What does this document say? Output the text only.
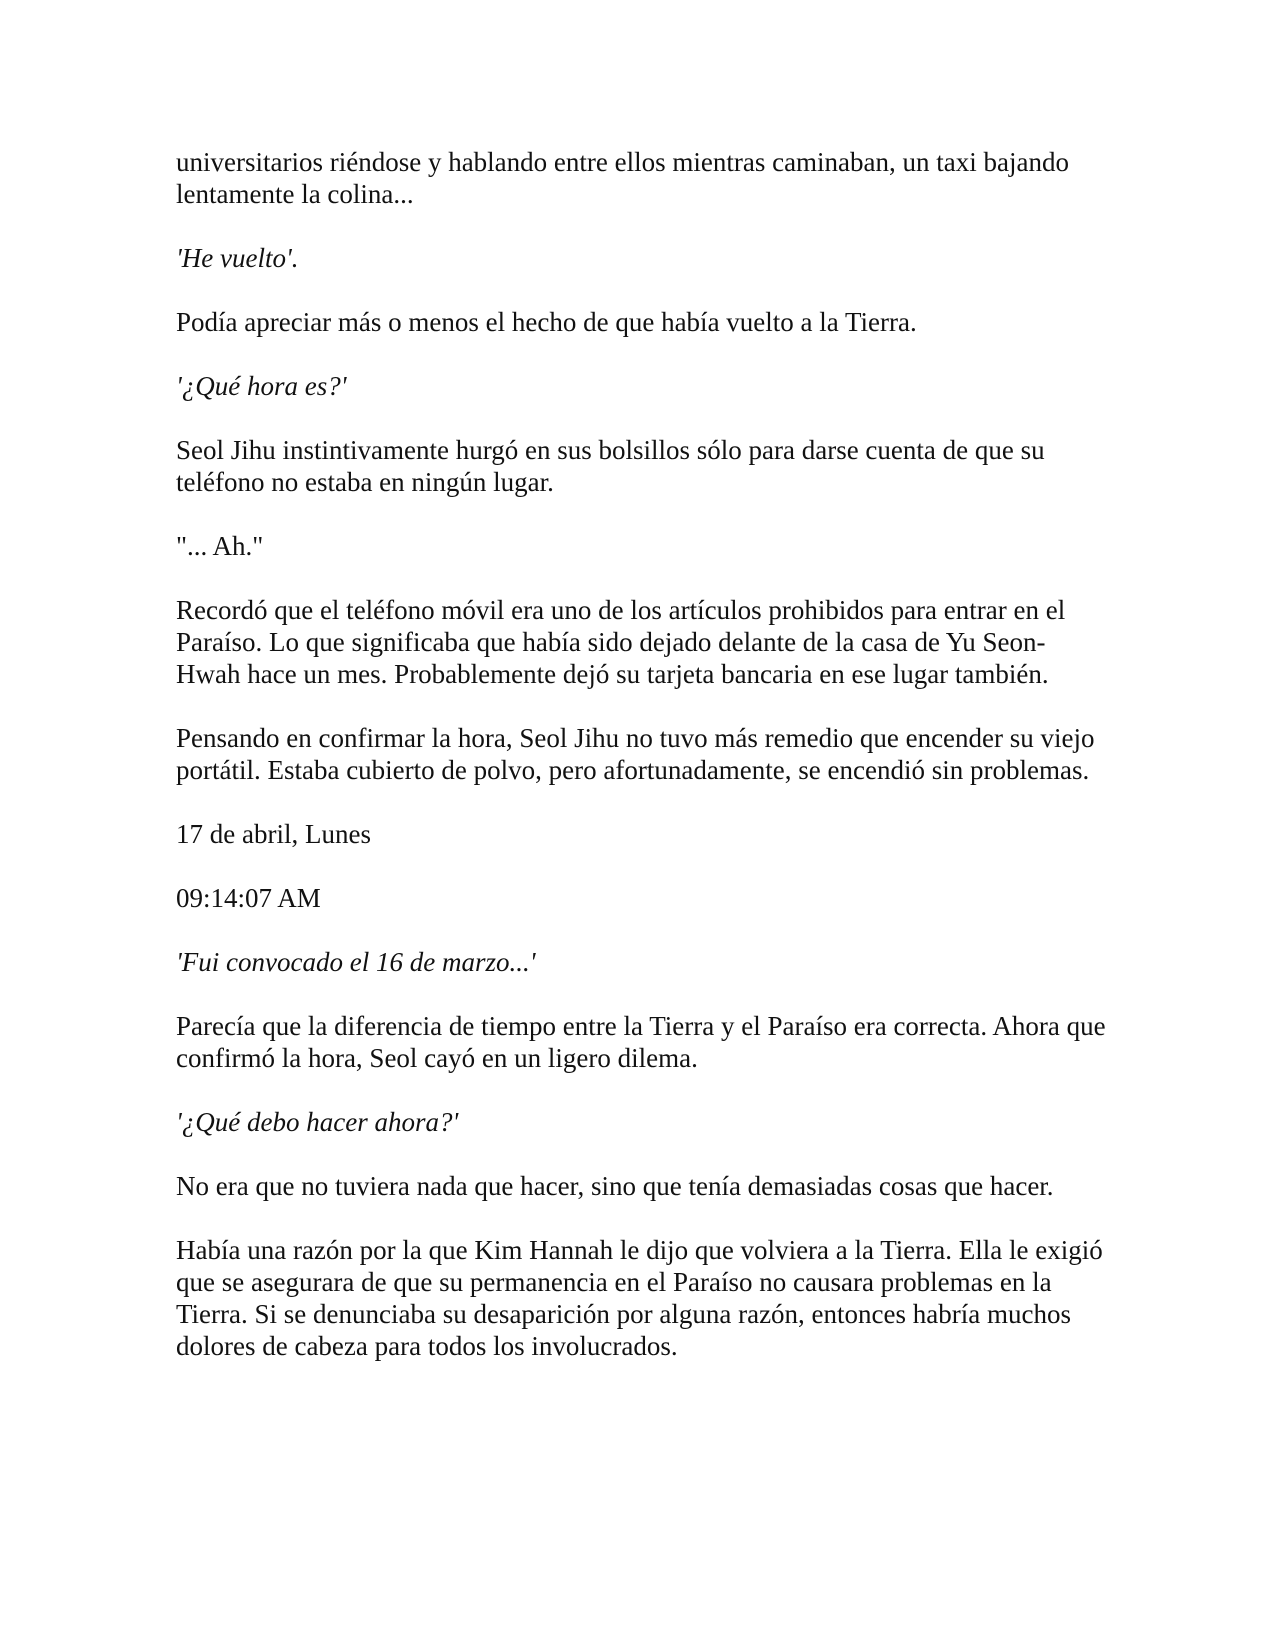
universitarios riéndose y hablando entre ellos mientras caminaban, un taxi bajando lentamente la colina...

'He vuelto'.

Podía apreciar más o menos el hecho de que había vuelto a la Tierra.

'¿Qué hora es?'

Seol Jihu instintivamente hurgó en sus bolsillos sólo para darse cuenta de que su teléfono no estaba en ningún lugar.

"... Ah."

Recordó que el teléfono móvil era uno de los artículos prohibidos para entrar en el Paraíso. Lo que significaba que había sido dejado delante de la casa de Yu Seon-Hwah hace un mes. Probablemente dejó su tarjeta bancaria en ese lugar también.

Pensando en confirmar la hora, Seol Jihu no tuvo más remedio que encender su viejo portátil. Estaba cubierto de polvo, pero afortunadamente, se encendió sin problemas.

17 de abril, Lunes

09:14:07 AM

'Fui convocado el 16 de marzo...'

Parecía que la diferencia de tiempo entre la Tierra y el Paraíso era correcta. Ahora que confirmó la hora, Seol cayó en un ligero dilema.

'¿Qué debo hacer ahora?'

No era que no tuviera nada que hacer, sino que tenía demasiadas cosas que hacer.

Había una razón por la que Kim Hannah le dijo que volviera a la Tierra. Ella le exigió que se asegurara de que su permanencia en el Paraíso no causara problemas en la Tierra. Si se denunciaba su desaparición por alguna razón, entonces habría muchos dolores de cabeza para todos los involucrados.
